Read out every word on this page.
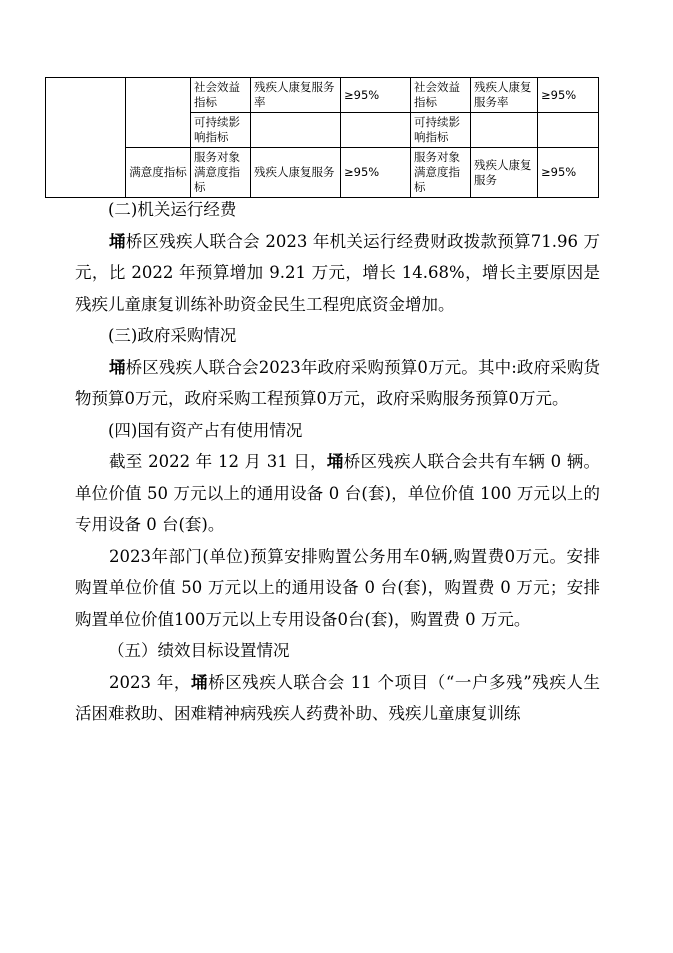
		社会效益指标	残疾人康复服务率	≥95%	社会效益指标	残疾人康复服务率	≥95%
		可持续影响指标			可持续影响指标		
	满意度指标	服务对象满意度指标	残疾人康复服务	≥95%	服务对象满意度指标	残疾人康复服务	≥95%

(二)机关运行经费

埇桥区残疾人联合会 2023 年机关运行经费财政拨款预算71.96 万元，比 2022 年预算增加 9.21 万元，增长 14.68%，增长主要原因是残疾儿童康复训练补助资金民生工程兜底资金增加。

(三)政府采购情况

埇桥区残疾人联合会2023年政府采购预算0万元。其中:政府采购货物预算0万元，政府采购工程预算0万元，政府采购服务预算0万元。

(四)国有资产占有使用情况

截至 2022 年 12 月 31 日，埇桥区残疾人联合会共有车辆 0 辆。单位价值 50 万元以上的通用设备 0 台(套)，单位价值 100 万元以上的专用设备 0 台(套)。

2023年部门(单位)预算安排购置公务用车0辆,购置费0万元。安排购置单位价值 50 万元以上的通用设备 0 台(套)，购置费 0 万元；安排购置单位价值100万元以上专用设备0台(套)，购置费 0 万元。

（五）绩效目标设置情况

2023 年，埇桥区残疾人联合会 11 个项目（“一户多残”残疾人生活困难救助、困难精神病残疾人药费补助、残疾儿童康复训练
